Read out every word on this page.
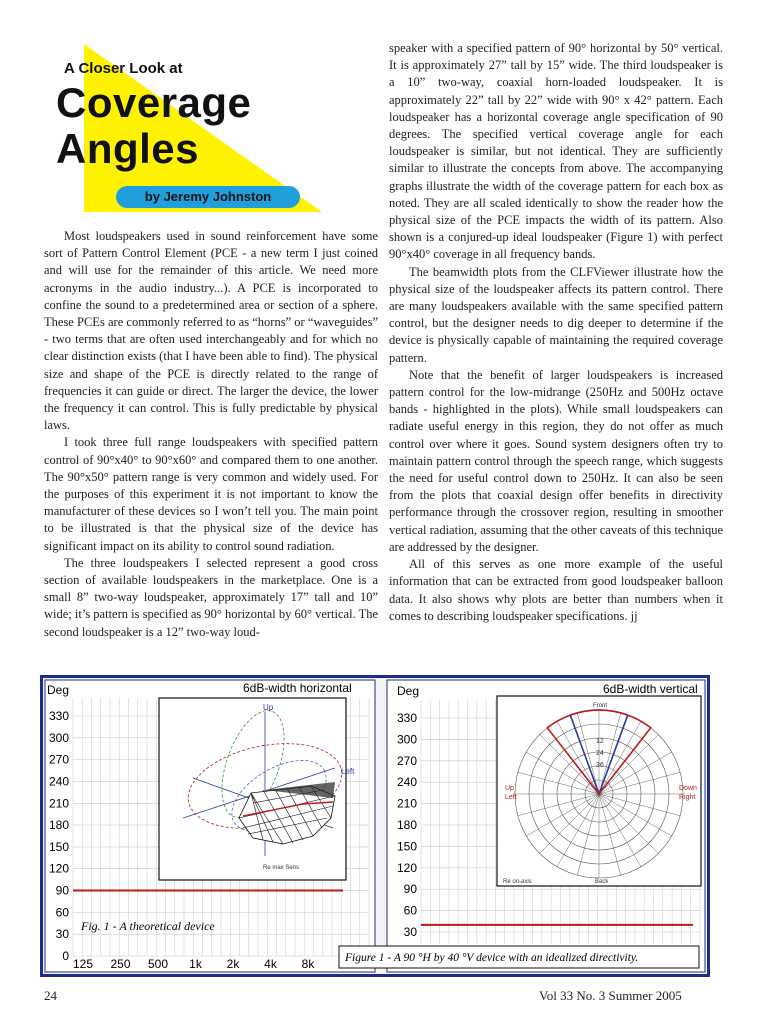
A Closer Look at
Coverage
Angles
by Jeremy Johnston

Most loudspeakers used in sound reinforcement have some sort of Pattern Control Element (PCE - a new term I just coined and will use for the remainder of this article. We need more acronyms in the audio industry...). A PCE is incorporated to confine the sound to a predetermined area or section of a sphere. These PCEs are commonly referred to as “horns” or “waveguides” - two terms that are often used interchangeably and for which no clear distinction exists (that I have been able to find). The physical size and shape of the PCE is directly related to the range of frequencies it can guide or direct. The larger the device, the lower the frequency it can control. This is fully predictable by physical laws.

I took three full range loudspeakers with specified pattern control of 90°x40° to 90°x60° and compared them to one another. The 90°x50° pattern range is very common and widely used. For the purposes of this experiment it is not important to know the manufacturer of these devices so I won’t tell you. The main point to be illustrated is that the physical size of the device has significant impact on its ability to control sound radiation.

The three loudspeakers I selected represent a good cross section of available loudspeakers in the marketplace. One is a small 8” two-way loudspeaker, approximately 17” tall and 10” wide; it’s pattern is specified as 90° horizontal by 60° vertical. The second loudspeaker is a 12” two-way loud-

speaker with a specified pattern of 90° horizontal by 50° vertical. It is approximately 27” tall by 15” wide. The third loudspeaker is a 10” two-way, coaxial horn-loaded loudspeaker. It is approximately 22” tall by 22” wide with 90° x 42° pattern. Each loudspeaker has a horizontal coverage angle specification of 90 degrees. The specified vertical coverage angle for each loudspeaker is similar, but not identical. They are sufficiently similar to illustrate the concepts from above. The accompanying graphs illustrate the width of the coverage pattern for each box as noted. They are all scaled identically to show the reader how the physical size of the PCE impacts the width of its pattern. Also shown is a conjured-up ideal loudspeaker (Figure 1) with perfect 90°x40° coverage in all frequency bands.

The beamwidth plots from the CLFViewer illustrate how the physical size of the loudspeaker affects its pattern control. There are many loudspeakers available with the same specified pattern control, but the designer needs to dig deeper to determine if the device is physically capable of maintaining the required coverage pattern.

Note that the benefit of larger loudspeakers is increased pattern control for the low-midrange (250Hz and 500Hz octave bands - highlighted in the plots). While small loudspeakers can radiate useful energy in this region, they do not offer as much control over where it goes. Sound system designers often try to maintain pattern control through the speech range, which suggests the need for useful control down to 250Hz. It can also be seen from the plots that coaxial design offer benefits in directivity performance through the crossover region, resulting in smoother vertical radiation, assuming that the other caveats of this technique are addressed by the designer.

All of this serves as one more example of the useful information that can be extracted from good loudspeaker balloon data. It also shows why plots are better than numbers when it comes to describing loudspeaker specifications. jj

Deg	6dB-width horizontal
330
300
270
240
210
180
150
120
90
60
30
0
125 250 500 1k 2k 4k 8k
Up
Left
Re max Sens
Fig. 1 - A theoretical device
Deg	6dB-width vertical
330
300
270
240
210
180
150
120
90
60
30
Front
Back
Up
Left
Down
Right
Re on-axis
12
24
36
Figure 1 - A 90 °H by 40 °V device with an idealized directivity.
24	Vol 33 No. 3 Summer 2005
